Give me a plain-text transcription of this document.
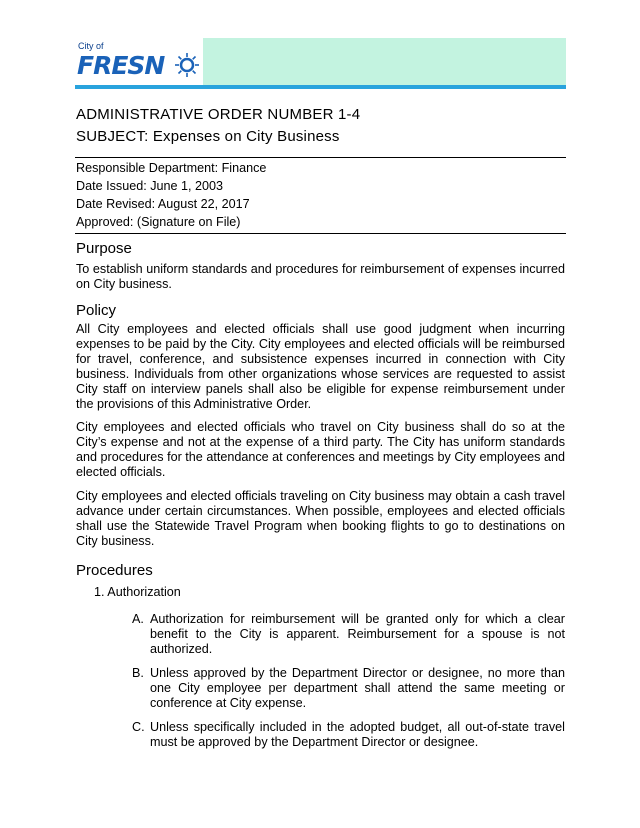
City of
FRESN
ADMINISTRATIVE ORDER NUMBER 1-4
SUBJECT: Expenses on City Business
Responsible Department: Finance
Date Issued: June 1, 2003
Date Revised: August 22, 2017
Approved: (Signature on File)
Purpose
To establish uniform standards and procedures for reimbursement of expenses incurred on City business.
Policy
All City employees and elected officials shall use good judgment when incurring expenses to be paid by the City. City employees and elected officials will be reimbursed for travel, conference, and subsistence expenses incurred in connection with City business. Individuals from other organizations whose services are requested to assist City staff on interview panels shall also be eligible for expense reimbursement under the provisions of this Administrative Order.
City employees and elected officials who travel on City business shall do so at the City’s expense and not at the expense of a third party. The City has uniform standards and procedures for the attendance at conferences and meetings by City employees and elected officials.
City employees and elected officials traveling on City business may obtain a cash travel advance under certain circumstances. When possible, employees and elected officials shall use the Statewide Travel Program when booking flights to go to destinations on City business.
Procedures
1. Authorization
A. Authorization for reimbursement will be granted only for which a clear benefit to the City is apparent. Reimbursement for a spouse is not authorized.
B. Unless approved by the Department Director or designee, no more than one City employee per department shall attend the same meeting or conference at City expense.
C. Unless specifically included in the adopted budget, all out-of-state travel must be approved by the Department Director or designee.
